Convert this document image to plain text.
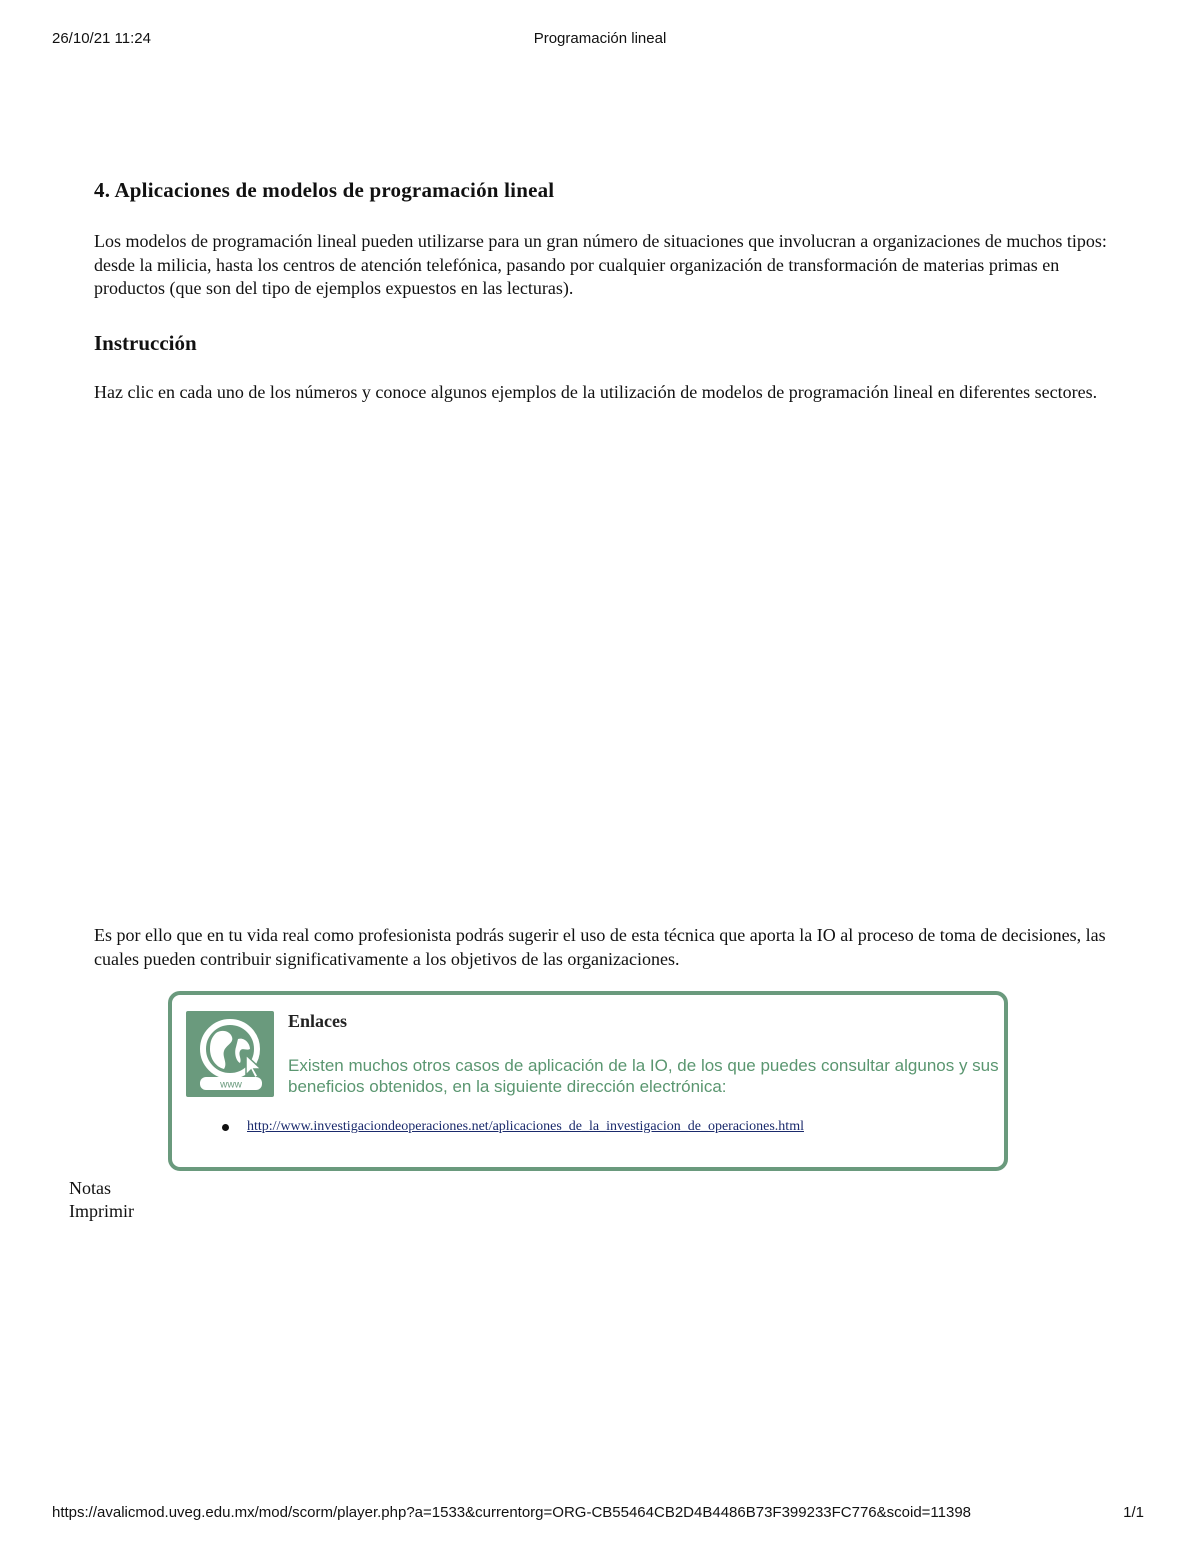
26/10/21 11:24	Programación lineal
4. Aplicaciones de modelos de programación lineal

Los modelos de programación lineal pueden utilizarse para un gran número de situaciones que involucran a organizaciones de muchos tipos: desde la milicia, hasta los centros de atención telefónica, pasando por cualquier organización de transformación de materias primas en productos (que son del tipo de ejemplos expuestos en las lecturas).

Instrucción

Haz clic en cada uno de los números y conoce algunos ejemplos de la utilización de modelos de programación lineal en diferentes sectores.

Es por ello que en tu vida real como profesionista podrás sugerir el uso de esta técnica que aporta la IO al proceso de toma de decisiones, las cuales pueden contribuir significativamente a los objetivos de las organizaciones.

www
Enlaces

Existen muchos otros casos de aplicación de la IO, de los que puedes consultar algunos y sus beneficios obtenidos, en la siguiente dirección electrónica:

http://www.investigaciondeoperaciones.net/aplicaciones_de_la_investigacion_de_operaciones.html
Notas
Imprimir
https://avalicmod.uveg.edu.mx/mod/scorm/player.php?a=1533&currentorg=ORG-CB55464CB2D4B4486B73F399233FC776&scoid=11398	1/1
